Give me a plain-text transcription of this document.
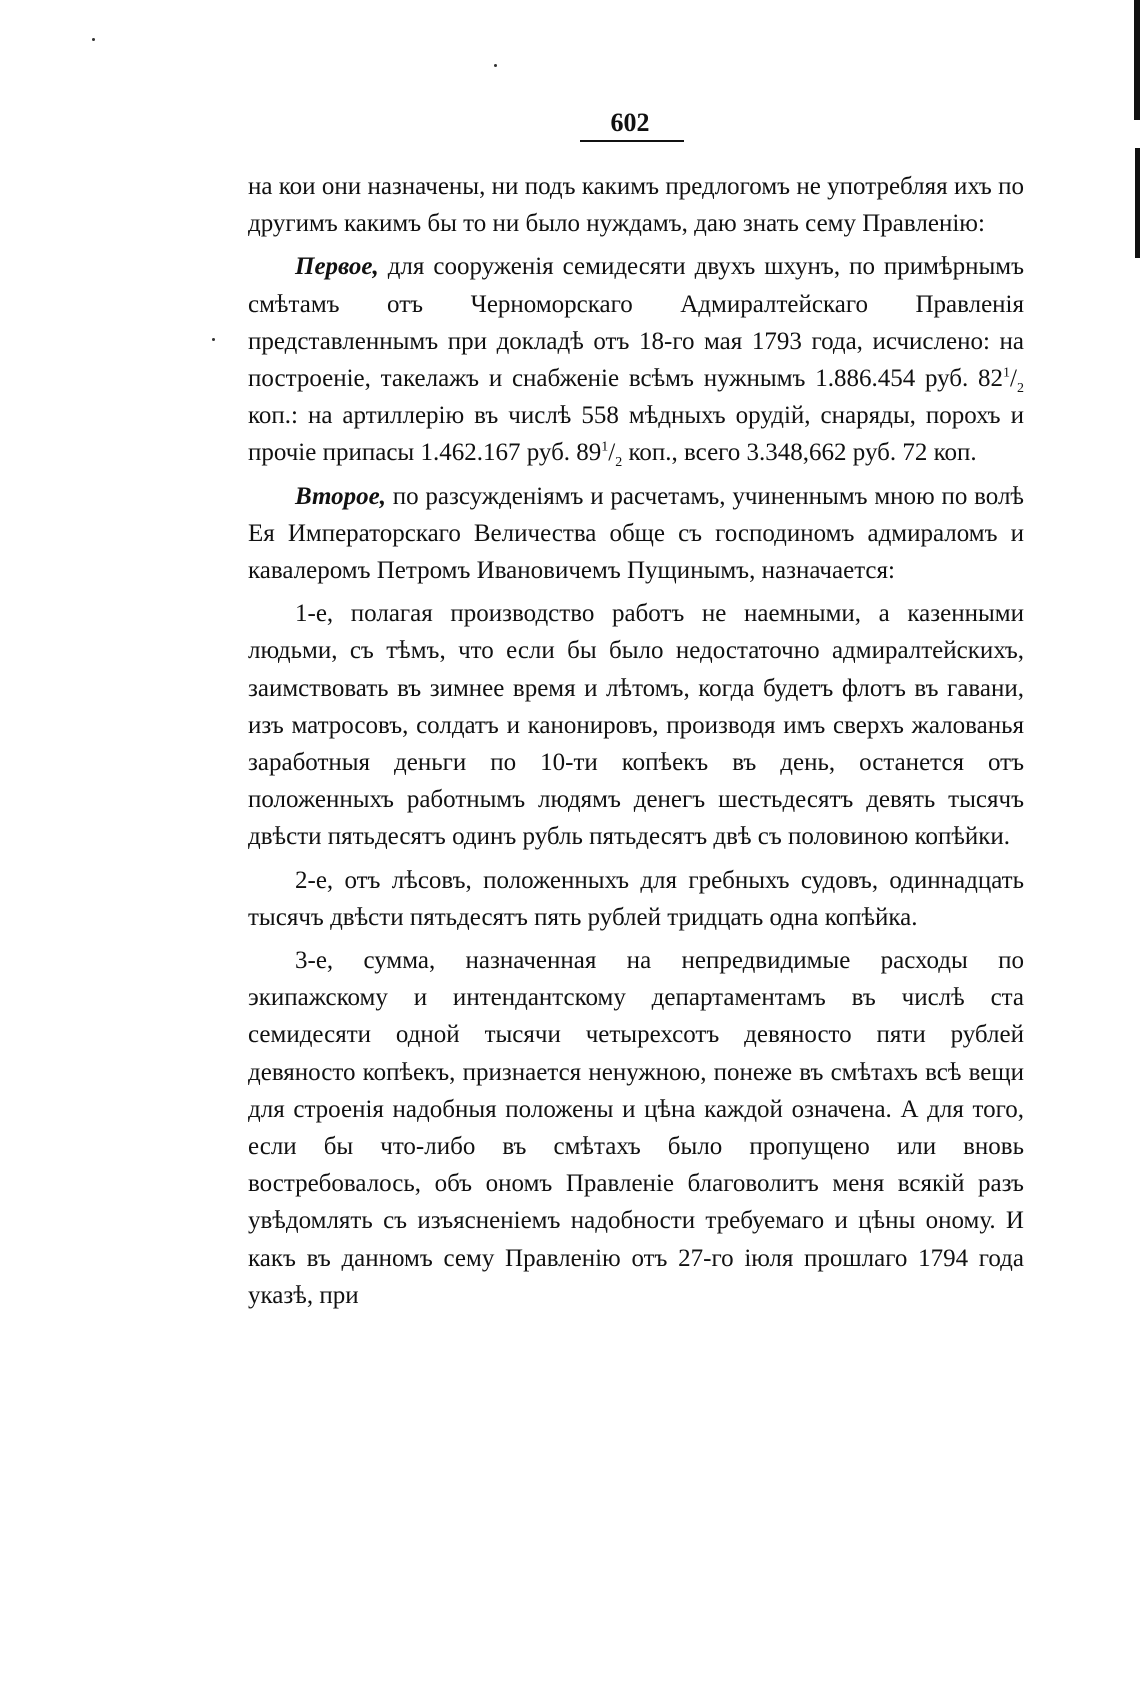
602

на кои они назначены, ни подъ какимъ предлогомъ не употребляя ихъ по другимъ какимъ бы то ни было нуждамъ, даю знать сему Правленію:

Первое, для сооруженія семидесяти двухъ шхунъ, по примѣрнымъ смѣтамъ отъ Черноморскаго Адмиралтейскаго Правленія представленнымъ при докладѣ отъ 18-го мая 1793 года, исчислено: на построеніе, такелажъ и снабженіе всѣмъ нужнымъ 1.886.454 руб. $82^1/_2$ коп.: на артиллерію въ числѣ 558 мѣдныхъ орудій, снаряды, порохъ и прочіе припасы 1.462.167 руб. $89^1/_2$ коп., всего 3.348,662 руб. 72 коп.

Второе, по разсужденіямъ и расчетамъ, учиненнымъ мною по волѣ Ея Императорскаго Величества обще съ господиномъ адмираломъ и кавалеромъ Петромъ Ивановичемъ Пущинымъ, назначается:

1-е, полагая производство работъ не наемными, а казенными людьми, съ тѣмъ, что если бы было недостаточно адмиралтейскихъ, заимствовать въ зимнее время и лѣтомъ, когда будетъ флотъ въ гавани, изъ матросовъ, солдатъ и канонировъ, производя имъ сверхъ жалованья заработныя деньги по 10-ти копѣекъ въ день, останется отъ положенныхъ работнымъ людямъ денегъ шестьдесятъ девять тысячъ двѣсти пятьдесятъ одинъ рубль пятьдесятъ двѣ съ половиною копѣйки.

2-е, отъ лѣсовъ, положенныхъ для гребныхъ судовъ, одиннадцать тысячъ двѣсти пятьдесятъ пять рублей тридцать одна копѣйка.

3-е, сумма, назначенная на непредвидимые расходы по экипажскому и интендантскому департаментамъ въ числѣ ста семидесяти одной тысячи четырехсотъ девяносто пяти рублей девяносто копѣекъ, признается ненужною, понеже въ смѣтахъ всѣ вещи для строенія надобныя положены и цѣна каждой означена. А для того, если бы что-либо въ смѣтахъ было пропущено или вновь востребовалось, объ ономъ Правленіе благоволитъ меня всякій разъ увѣдомлять съ изъясненіемъ надобности требуемаго и цѣны оному. И какъ въ данномъ сему Правленію отъ 27-го іюля прошлаго 1794 года указѣ, при
